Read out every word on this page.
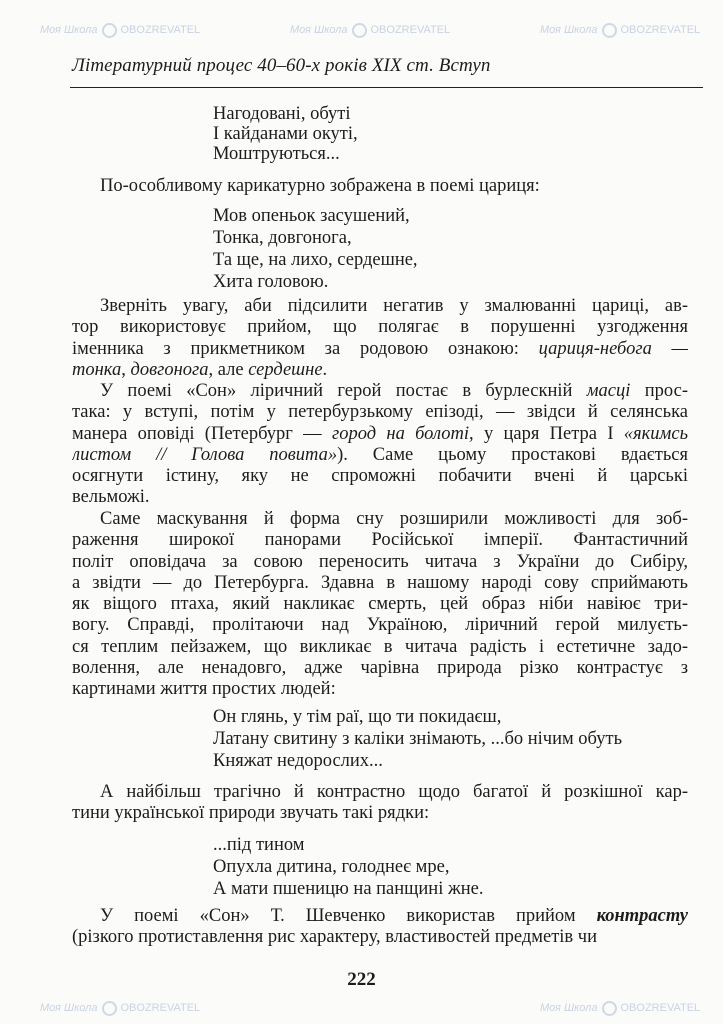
Літературний процес 40–60-х років XIX ст. Вступ
Нагодовані, обуті
І кайданами окуті,
Моштруються...
По-особливому карикатурно зображена в поемі цариця:
Мов опеньок засушений,
Тонка, довгонога,
Та ще, на лихо, сердешне,
Хита головою.
Зверніть увагу, аби підсилити негатив у змалюванні цариці, ав-
тор використовує прийом, що полягає в порушенні узгодження
іменника з прикметником за родовою ознакою: цариця-небога —
тонка, довгонога, але сердешне.
У поемі «Сон» ліричний герой постає в бурлескній масці прос-
така: у вступі, потім у петербурзькому епізоді, — звідси й селянська
манера оповіді (Петербург — город на болоті, у царя Петра І «якимсь
листом // Голова повита»). Саме цьому простакові вдається
осягнути істину, яку не спроможні побачити вчені й царські
вельможі.
Саме маскування й форма сну розширили можливості для зоб-
раження широкої панорами Російської імперії. Фантастичний
політ оповідача за совою переносить читача з України до Сибіру,
а звідти — до Петербурга. Здавна в нашому народі сову сприймають
як віщого птаха, який накликає смерть, цей образ ніби навіює три-
вогу. Справді, пролітаючи над Україною, ліричний герой милуєть-
ся теплим пейзажем, що викликає в читача радість і естетичне задо-
волення, але ненадовго, адже чарівна природа різко контрастує з
картинами життя простих людей:
Он глянь, у тім раї, що ти покидаєш,
Латану свитину з каліки знімають, ...бо нічим обуть
Княжат недорослих...
А найбільш трагічно й контрастно щодо багатої й розкішної кар-
тини української природи звучать такі рядки:
...під тином
Опухла дитина, голоднеє мре,
А мати пшеницю на панщині жне.
У поемі «Сон» Т. Шевченко використав прийом контрасту
(різкого протиставлення рис характеру, властивостей предметів чи
222
Моя Школа OBOZREVATEL	Моя Школа OBOZREVATEL	Моя Школа OBOZREVATEL
Моя Школа OBOZREVATEL	Моя Школа OBOZREVATEL
